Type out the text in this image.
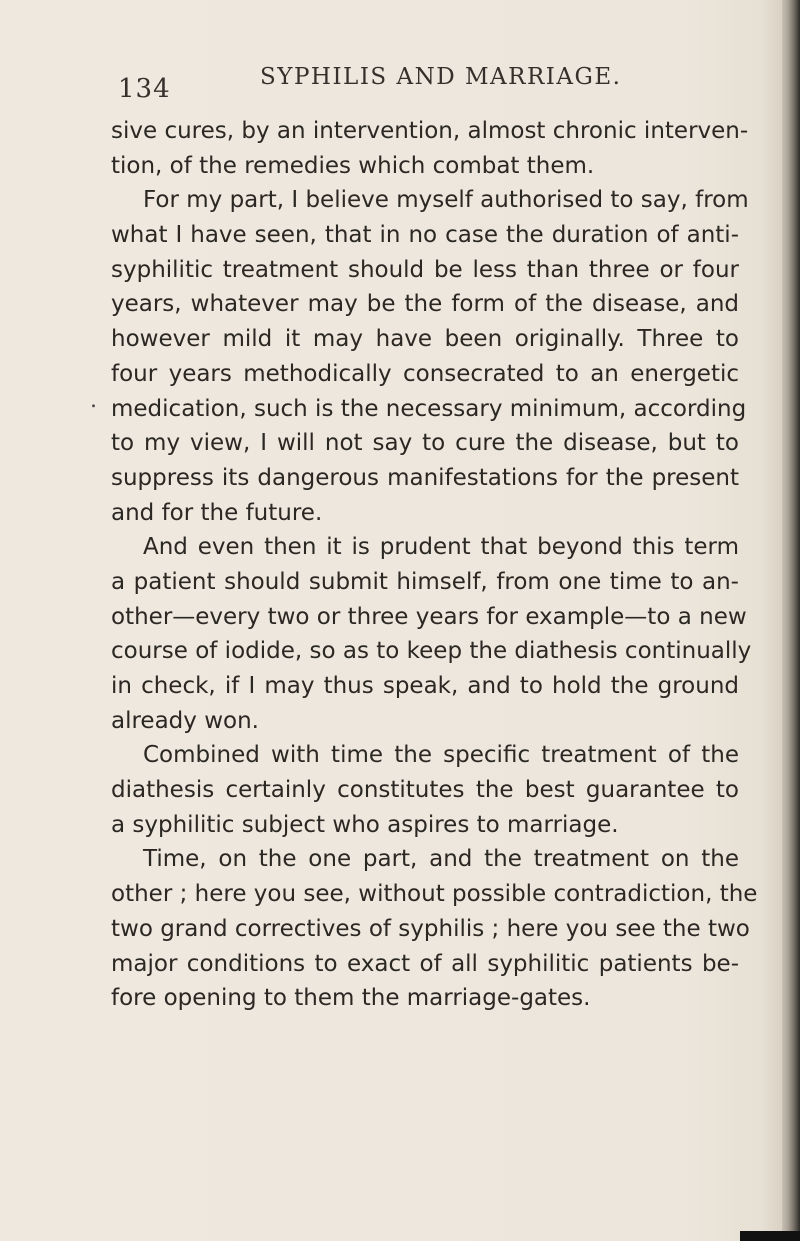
134	SYPHILIS AND MARRIAGE.
.
sive cures, by an intervention, almost chronic interven-
tion, of the remedies which combat them.
For my part, I believe myself authorised to say, from
what I have seen, that in no case the duration of anti-
syphilitic treatment should be less than three or four
years, whatever may be the form of the disease, and
however mild it may have been originally. Three to
four years methodically consecrated to an energetic
medication, such is the necessary minimum, according
to my view, I will not say to cure the disease, but to
suppress its dangerous manifestations for the present
and for the future.
And even then it is prudent that beyond this term
a patient should submit himself, from one time to an-
other—every two or three years for example—to a new
course of iodide, so as to keep the diathesis continually
in check, if I may thus speak, and to hold the ground
already won.
Combined with time the specific treatment of the
diathesis certainly constitutes the best guarantee to
a syphilitic subject who aspires to marriage.
Time, on the one part, and the treatment on the
other ; here you see, without possible contradiction, the
two grand correctives of syphilis ; here you see the two
major conditions to exact of all syphilitic patients be-
fore opening to them the marriage-gates.
